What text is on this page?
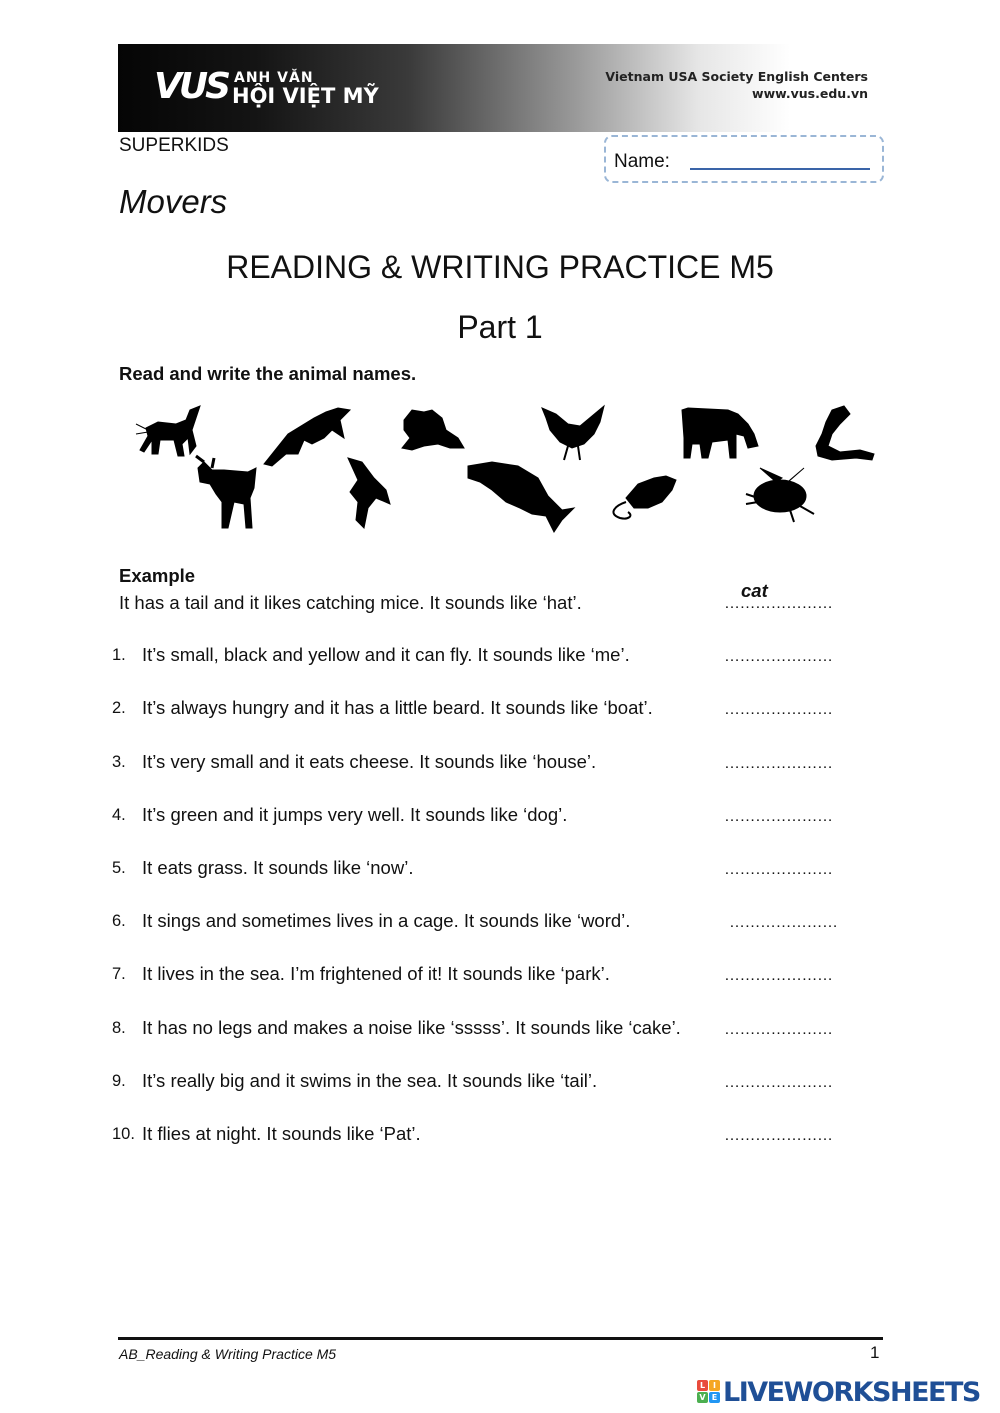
VUS ANH VĂN
HỘI VIỆT MỸ
Vietnam USA Society English Centers
www.vus.edu.vn
SUPERKIDS
Name:
Movers
READING & WRITING PRACTICE M5
Part 1
Read and write the animal names.
Example
It has a tail and it likes catching mice. It sounds like ‘hat’.
cat
…………………
1. It’s small, black and yellow and it can fly. It sounds like ‘me’.	…………………
2. It’s always hungry and it has a little beard. It sounds like ‘boat’.	…………………
3. It’s very small and it eats cheese. It sounds like ‘house’.	…………………
4. It’s green and it jumps very well. It sounds like ‘dog’.	…………………
5. It eats grass. It sounds like ‘now’.	…………………
6. It sings and sometimes lives in a cage. It sounds like ‘word’.	…………………
7. It lives in the sea. I’m frightened of it! It sounds like ‘park’.	…………………
8. It has no legs and makes a noise like ‘sssss’. It sounds like ‘cake’.	…………………
9. It’s really big and it swims in the sea. It sounds like ‘tail’.	…………………
10. It flies at night. It sounds like ‘Pat’.	…………………
AB_Reading & Writing Practice M5	1
L I
V E LIVEWORKSHEETS
